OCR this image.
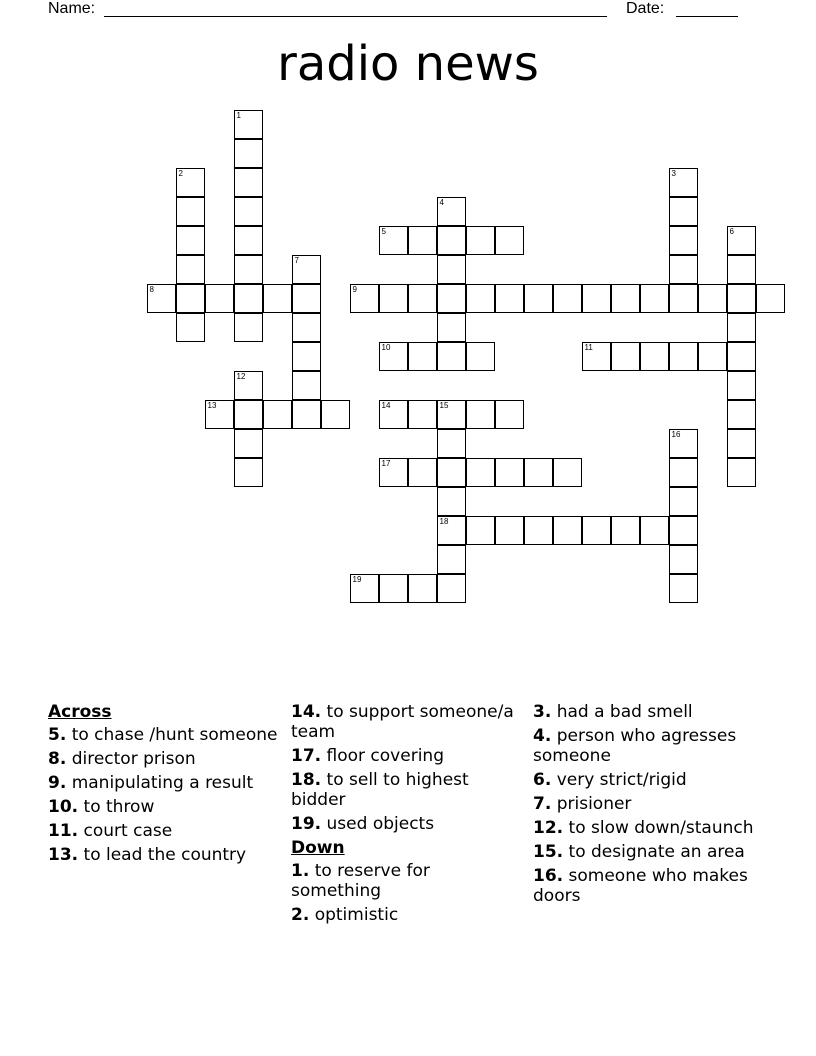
Name:	Date:
radio news
1
2	3
4
5	6
7
8	9
10	11
12
13	14	15
16
17
18
19
Across
5. to chase /hunt someone
8. director prison
9. manipulating a result
10. to throw
11. court case
13. to lead the country
14. to support someone/a team
17. floor covering
18. to sell to highest bidder
19. used objects
Down
1. to reserve for something
2. optimistic
3. had a bad smell
4. person who agresses someone
6. very strict/rigid
7. prisioner
12. to slow down/staunch
15. to designate an area
16. someone who makes doors
